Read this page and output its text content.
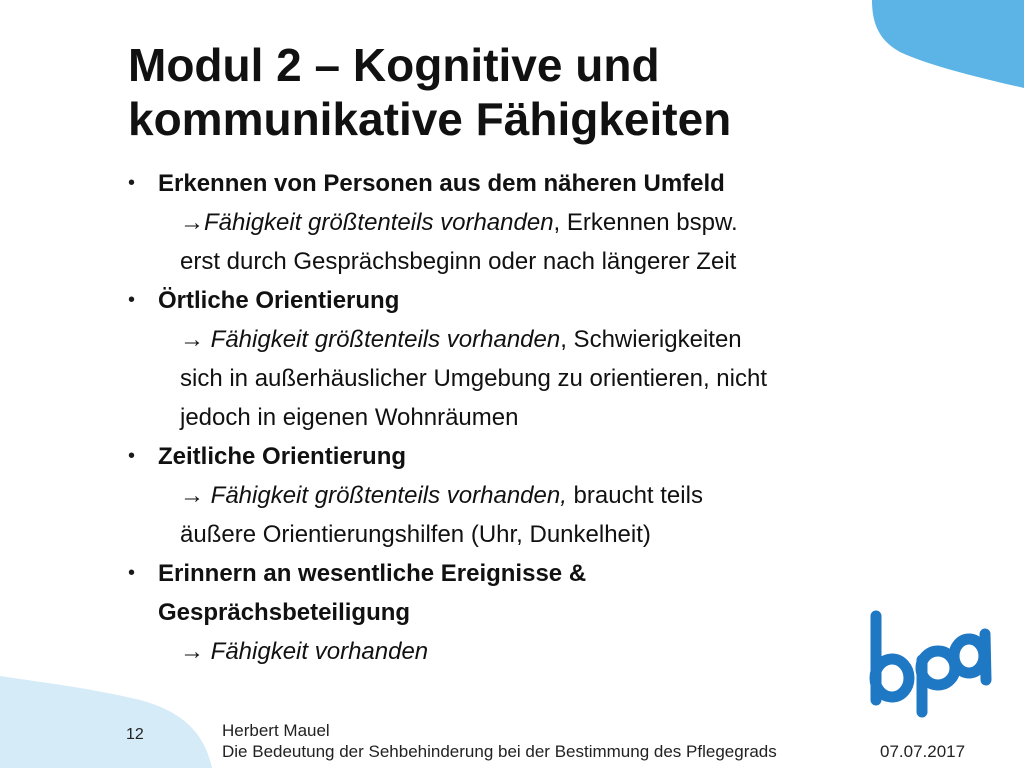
Modul 2 – Kognitive und
kommunikative Fähigkeiten
• Erkennen von Personen aus dem näheren Umfeld
→Fähigkeit größtenteils vorhanden, Erkennen bspw.
erst durch Gesprächsbeginn oder nach längerer Zeit
• Örtliche Orientierung
→ Fähigkeit größtenteils vorhanden, Schwierigkeiten
sich in außerhäuslicher Umgebung zu orientieren, nicht
jedoch in eigenen Wohnräumen
• Zeitliche Orientierung
→ Fähigkeit größtenteils vorhanden, braucht teils
äußere Orientierungshilfen (Uhr, Dunkelheit)
• Erinnern an wesentliche Ereignisse &
Gesprächsbeteiligung
→ Fähigkeit vorhanden
12	Herbert Mauel
Die Bedeutung der Sehbehinderung bei der Bestimmung des Pflegegrads	07.07.2017
